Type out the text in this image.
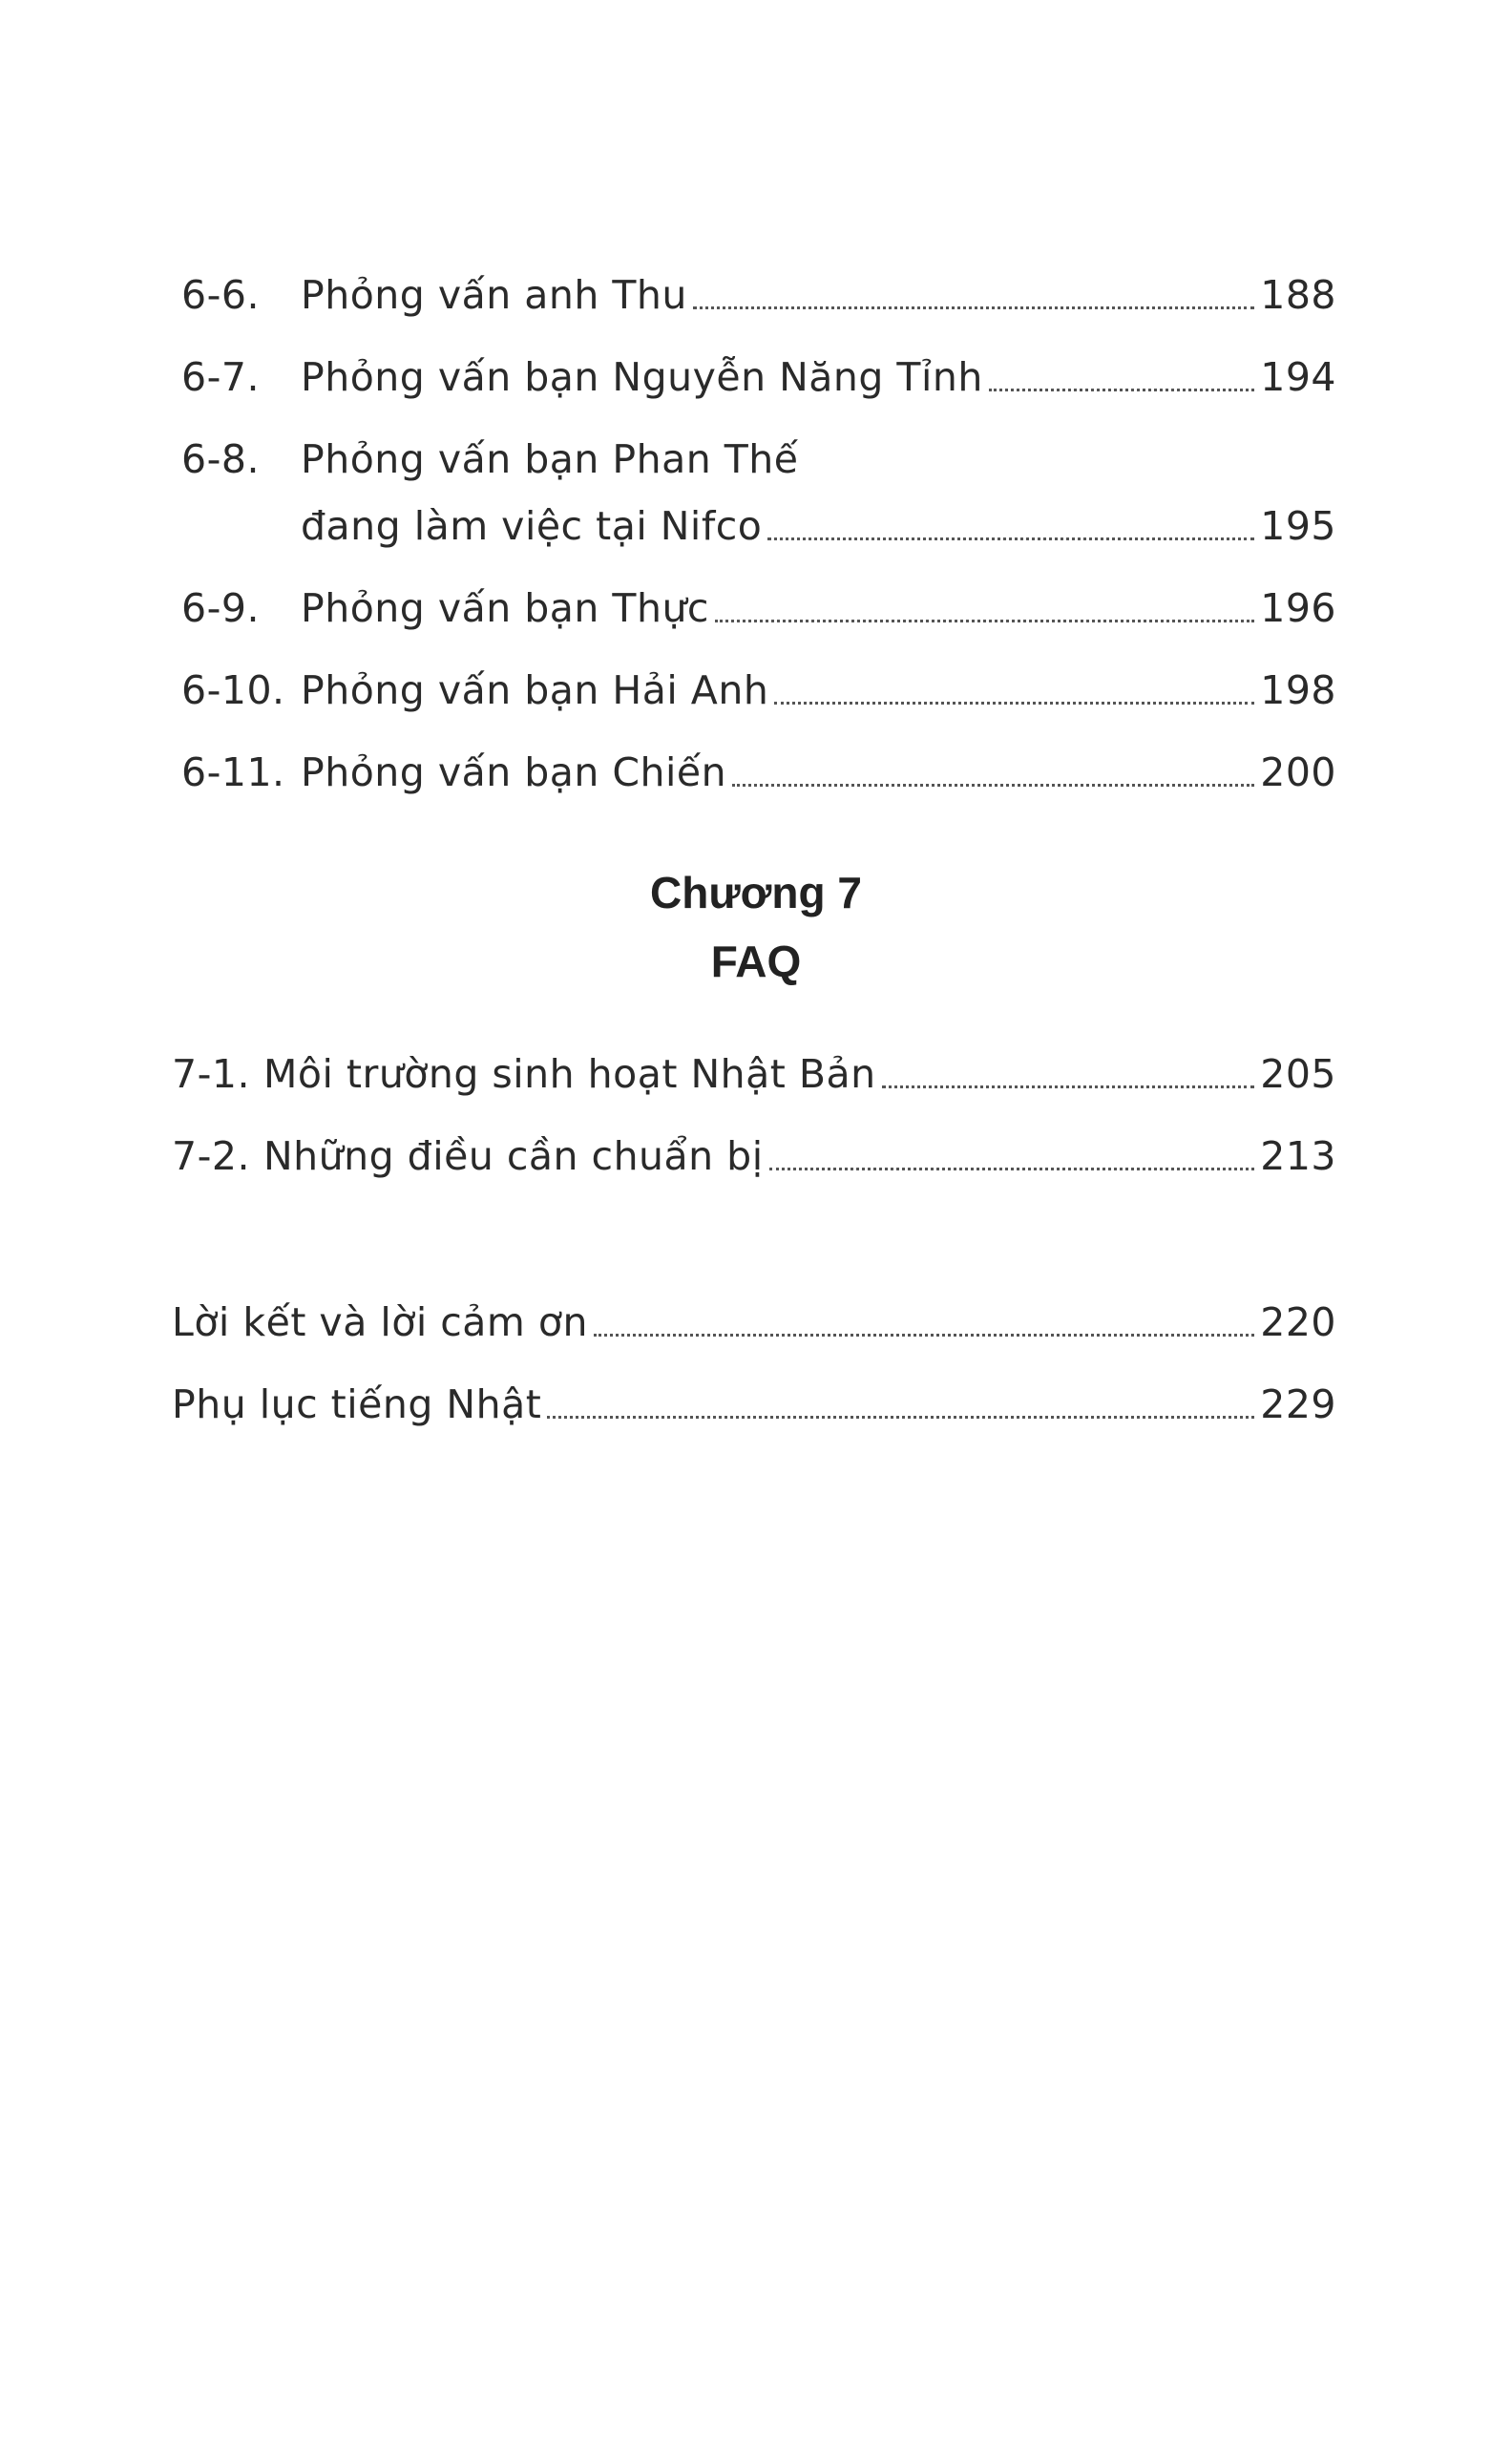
6-6.	Phỏng vấn anh Thu	188
6-7.	Phỏng vấn bạn Nguyễn Năng Tỉnh	194
6-8.	Phỏng vấn bạn Phan Thế
đang làm việc tại Nifco	195
6-9.	Phỏng vấn bạn Thực	196
6-10. Phỏng vấn bạn Hải Anh	198
6-11. Phỏng vấn bạn Chiến	200
Chương 7
FAQ
7-1. Môi trường sinh hoạt Nhật Bản	205
7-2. Những điều cần chuẩn bị	213
Lời kết và lời cảm ơn	220
Phụ lục tiếng Nhật	229
